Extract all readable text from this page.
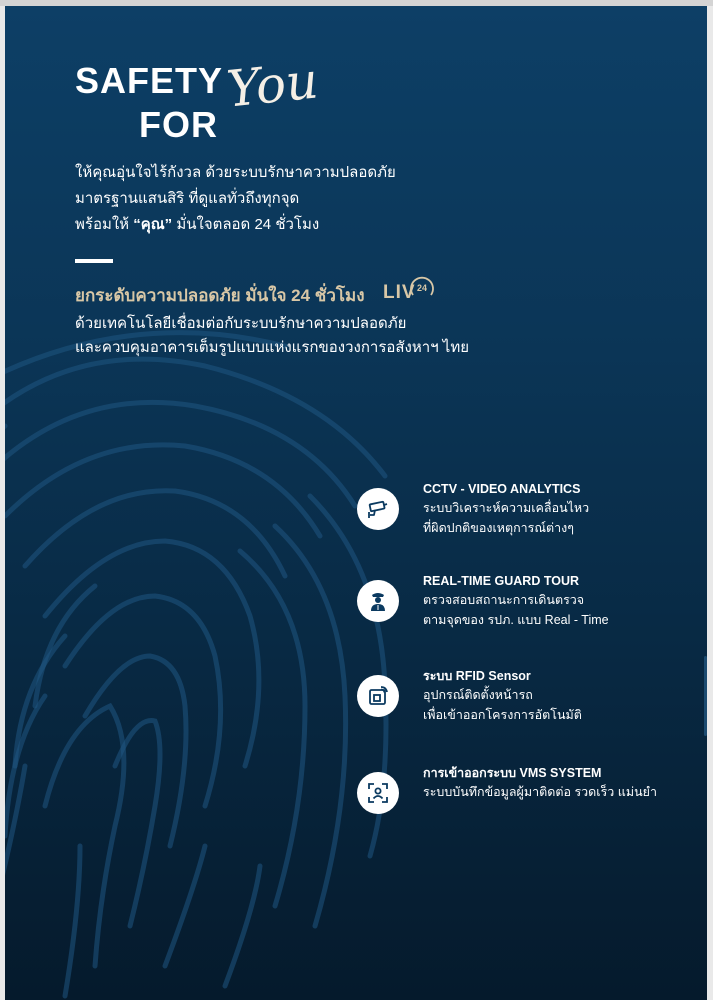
SAFETY
FOR
You
ให้คุณอุ่นใจไร้กังวล ด้วยระบบรักษาความปลอดภัย
มาตรฐานแสนสิริ ที่ดูแลทั่วถึงทุกจุด
พร้อมให้ “คุณ” มั่นใจตลอด 24 ชั่วโมง
ยกระดับความปลอดภัย มั่นใจ 24 ชั่วโมง LIV 24
ด้วยเทคโนโลยีเชื่อมต่อกับระบบรักษาความปลอดภัย
และควบคุมอาคารเต็มรูปแบบแห่งแรกของวงการอสังหาฯ ไทย
CCTV - VIDEO ANALYTICS
ระบบวิเคราะห์ความเคลื่อนไหว
ที่ผิดปกติของเหตุการณ์ต่างๆ
REAL-TIME GUARD TOUR
ตรวจสอบสถานะการเดินตรวจ
ตามจุดของ รปภ. แบบ Real - Time
ระบบ RFID Sensor
อุปกรณ์ติดตั้งหน้ารถ
เพื่อเข้าออกโครงการอัตโนมัติ
การเข้าออกระบบ VMS SYSTEM
ระบบบันทึกข้อมูลผู้มาติดต่อ รวดเร็ว แม่นยำ
